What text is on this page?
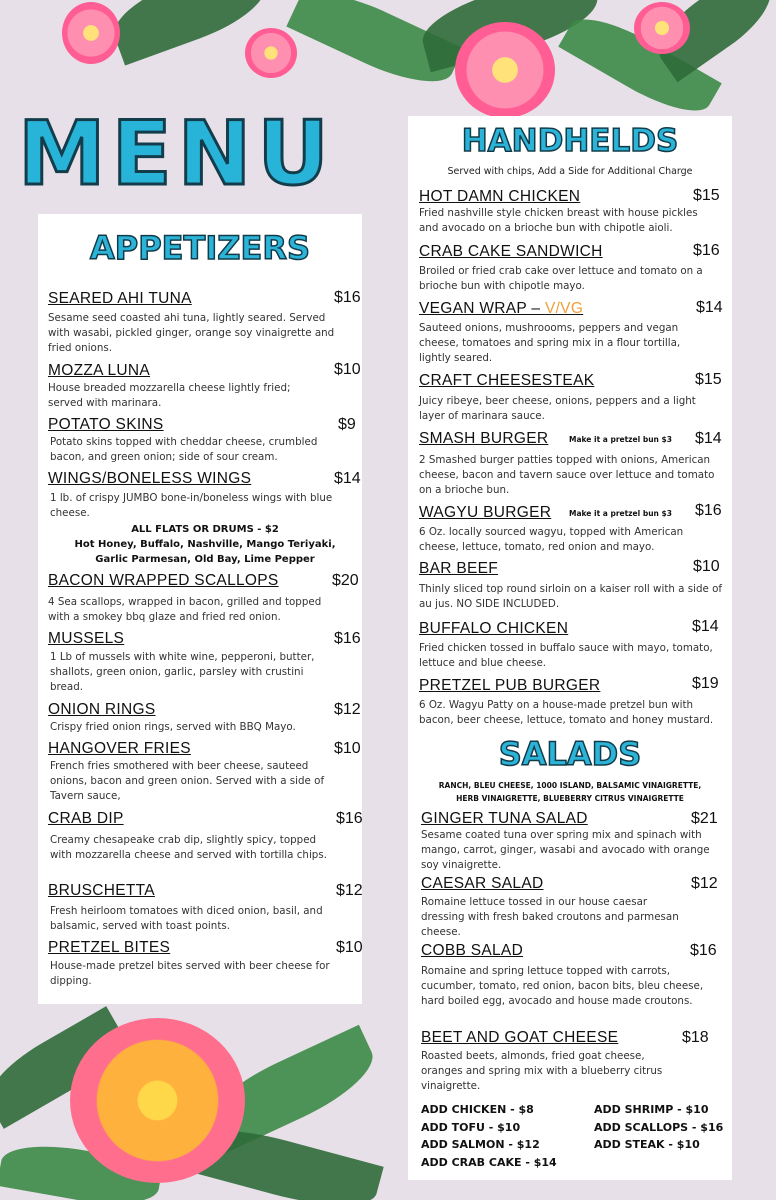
MENU
APPETIZERS
SEARED AHI TUNA	$16
Sesame seed coasted ahi tuna, lightly seared. Served with wasabi, pickled ginger, orange soy vinaigrette and fried onions.
MOZZA LUNA	$10
House breaded mozzarella cheese lightly fried; served with marinara.
POTATO SKINS	$9
Potato skins topped with cheddar cheese, crumbled bacon, and green onion; side of sour cream.
WINGS/BONELESS WINGS	$14
1 lb. of crispy JUMBO bone-in/boneless wings with blue cheese.
ALL FLATS OR DRUMS - $2
Hot Honey, Buffalo, Nashville, Mango Teriyaki,
Garlic Parmesan, Old Bay, Lime Pepper
BACON WRAPPED SCALLOPS	$20
4 Sea scallops, wrapped in bacon, grilled and topped with a smokey bbq glaze and fried red onion.
MUSSELS	$16
1 Lb of mussels with white wine, pepperoni, butter, shallots, green onion, garlic, parsley with crustini bread.
ONION RINGS	$12
Crispy fried onion rings, served with BBQ Mayo.
HANGOVER FRIES	$10
French fries smothered with beer cheese, sauteed onions, bacon and green onion. Served with a side of Tavern sauce,
CRAB DIP	$16
Creamy chesapeake crab dip, slightly spicy, topped with mozzarella cheese and served with tortilla chips.
BRUSCHETTA	$12
Fresh heirloom tomatoes with diced onion, basil, and balsamic, served with toast points.
PRETZEL BITES	$10
House-made pretzel bites served with beer cheese for dipping.
HANDHELDS
Served with chips, Add a Side for Additional Charge
HOT DAMN CHICKEN	$15
Fried nashville style chicken breast with house pickles and avocado on a brioche bun with chipotle aioli.
CRAB CAKE SANDWICH	$16
Broiled or fried crab cake over lettuce and tomato on a brioche bun with chipotle mayo.
VEGAN WRAP – V/VG	$14
Sauteed onions, mushroooms, peppers and vegan cheese, tomatoes and spring mix in a flour tortilla, lightly seared.
CRAFT CHEESESTEAK	$15
Juicy ribeye, beer cheese, onions, peppers and a light layer of marinara sauce.
SMASH BURGER	Make it a pretzel bun $3 $14
2 Smashed burger patties topped with onions, American cheese, bacon and tavern sauce over lettuce and tomato on a brioche bun.
WAGYU BURGER Make it a pretzel bun $3 $16
6 Oz. locally sourced wagyu, topped with American cheese, lettuce, tomato, red onion and mayo.
BAR BEEF	$10
Thinly sliced top round sirloin on a kaiser roll with a side of au jus. NO SIDE INCLUDED.
BUFFALO CHICKEN	$14
Fried chicken tossed in buffalo sauce with mayo, tomato, lettuce and blue cheese.
PRETZEL PUB BURGER	$19
6 Oz. Wagyu Patty on a house-made pretzel bun with bacon, beer cheese, lettuce, tomato and honey mustard.
SALADS
RANCH, BLEU CHEESE, 1000 ISLAND, BALSAMIC VINAIGRETTE,
HERB VINAIGRETTE, BLUEBERRY CITRUS VINAIGRETTE
GINGER TUNA SALAD	$21
Sesame coated tuna over spring mix and spinach with mango, carrot, ginger, wasabi and avocado with orange soy vinaigrette.
CAESAR SALAD	$12
Romaine lettuce tossed in our house caesar dressing with fresh baked croutons and parmesan cheese.
COBB SALAD	$16
Romaine and spring lettuce topped with carrots, cucumber, tomato, red onion, bacon bits, bleu cheese, hard boiled egg, avocado and house made croutons.
BEET AND GOAT CHEESE	$18
Roasted beets, almonds, fried goat cheese, oranges and spring mix with a blueberry citrus vinaigrette.
ADD CHICKEN - $8	ADD SHRIMP - $10
ADD TOFU - $10	ADD SCALLOPS - $16
ADD SALMON - $12	ADD STEAK - $10
ADD CRAB CAKE - $14
